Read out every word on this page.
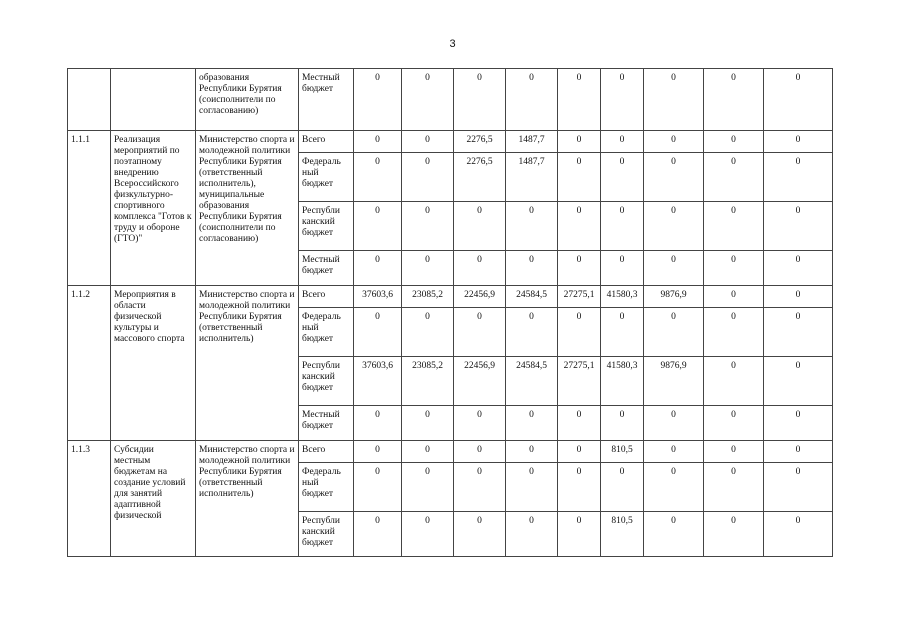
3
		образования Республики Бурятия (соисполнители по согласованию)	Местный бюджет	0	0	0	0	0	0	0	0	0
1.1.1	Реализация мероприятий по поэтапному внедрению Всероссийского физкультурно-спортивного комплекса "Готов к труду и обороне (ГТО)"	Министерство спорта и молодежной политики Республики Бурятия (ответственный исполнитель), муниципальные образования Республики Бурятия (соисполнители по согласованию)	Всего	0	0	2276,5	1487,7	0	0	0	0	0
			Федераль ный бюджет	0	0	2276,5	1487,7	0	0	0	0	0
			Республи канский бюджет	0	0	0	0	0	0	0	0	0
			Местный бюджет	0	0	0	0	0	0	0	0	0
1.1.2	Мероприятия в области физической культуры и массового спорта	Министерство спорта и молодежной политики Республики Бурятия (ответственный исполнитель)	Всего	37603,6	23085,2	22456,9	24584,5	27275,1	41580,3	9876,9	0	0
			Федераль ный бюджет	0	0	0	0	0	0	0	0	0
			Республи канский бюджет	37603,6	23085,2	22456,9	24584,5	27275,1	41580,3	9876,9	0	0
			Местный бюджет	0	0	0	0	0	0	0	0	0
1.1.3	Субсидии местным бюджетам на создание условий для занятий адаптивной физической	Министерство спорта и молодежной политики Республики Бурятия (ответственный исполнитель)	Всего	0	0	0	0	0	810,5	0	0	0
			Федераль ный бюджет	0	0	0	0	0	0	0	0	0
			Республи канский бюджет	0	0	0	0	0	810,5	0	0	0
